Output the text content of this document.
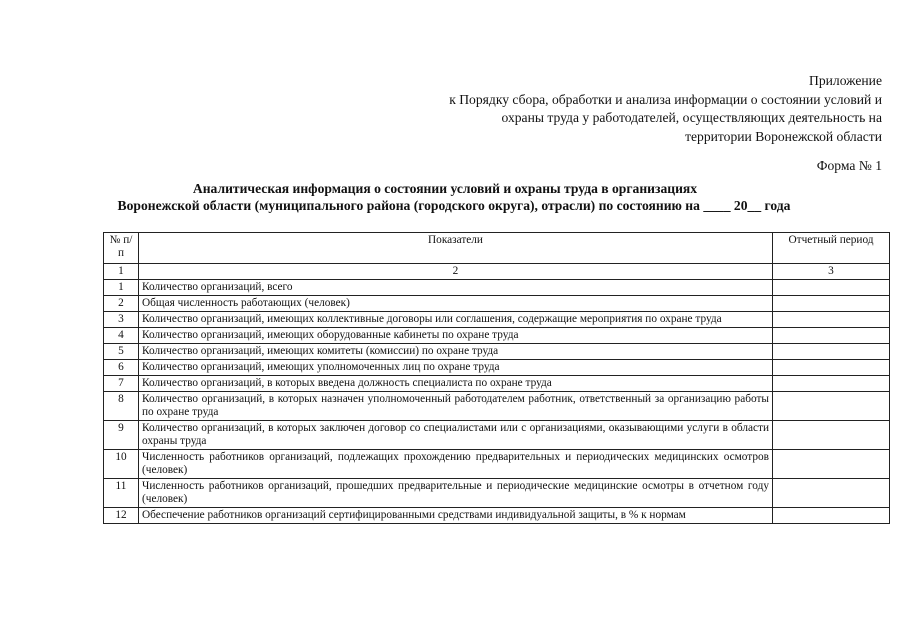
Приложение
к Порядку сбора, обработки и анализа информации о состоянии условий и
охраны труда у работодателей, осуществляющих деятельность на
территории Воронежской области
Форма № 1
Аналитическая информация о состоянии условий и охраны труда в организациях
Воронежской области (муниципального района (городского округа), отрасли) по состоянию на ____ 20__ года
№ п/п	Показатели	Отчетный период
1	2	3
1	Количество организаций, всего	
2	Общая численность работающих (человек)	
3	Количество организаций, имеющих коллективные договоры или соглашения, содержащие мероприятия по охране труда	
4	Количество организаций, имеющих оборудованные кабинеты по охране труда	
5	Количество организаций, имеющих комитеты (комиссии) по охране труда	
6	Количество организаций, имеющих уполномоченных лиц по охране труда	
7	Количество организаций, в которых введена должность специалиста по охране труда	
8	Количество организаций, в которых назначен уполномоченный работодателем работник, ответственный за организацию работы по охране труда	
9	Количество организаций, в которых заключен договор со специалистами или с организациями, оказывающими услуги в области охраны труда	
10	Численность работников организаций, подлежащих прохождению предварительных и периодических медицинских осмотров (человек)	
11	Численность работников организаций, прошедших предварительные и периодические медицинские осмотры в отчетном году (человек)	
12	Обеспечение работников организаций сертифицированными средствами индивидуальной защиты, в % к нормам	
